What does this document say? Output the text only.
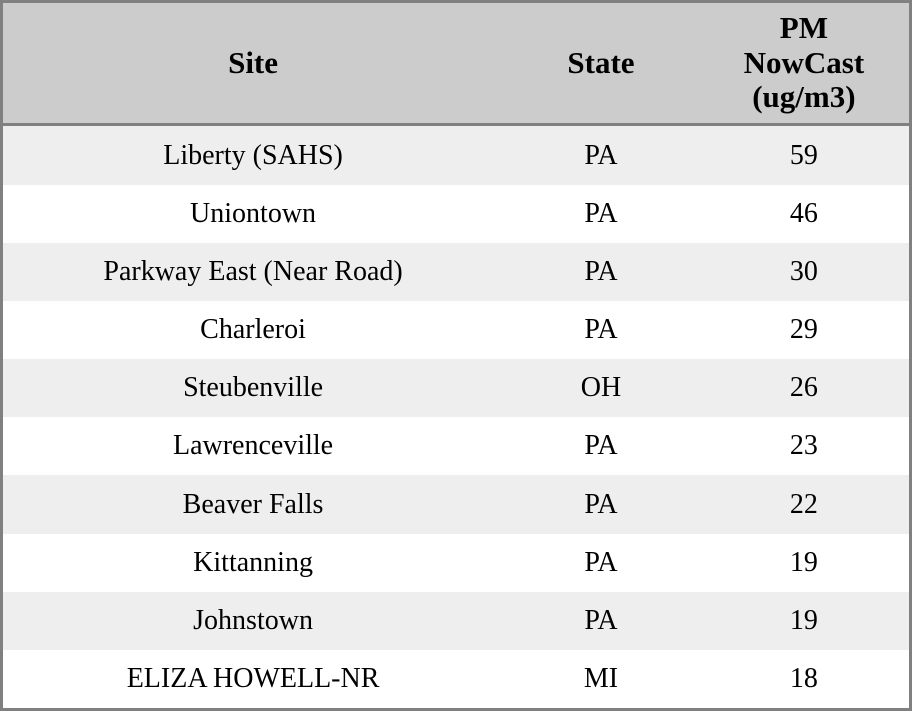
Site	State	PM
NowCast
(ug/m3)

Liberty (SAHS)	PA	59
Uniontown	PA	46
Parkway East (Near Road)	PA	30
Charleroi	PA	29
Steubenville	OH	26
Lawrenceville	PA	23
Beaver Falls	PA	22
Kittanning	PA	19
Johnstown	PA	19
ELIZA HOWELL-NR	MI	18
